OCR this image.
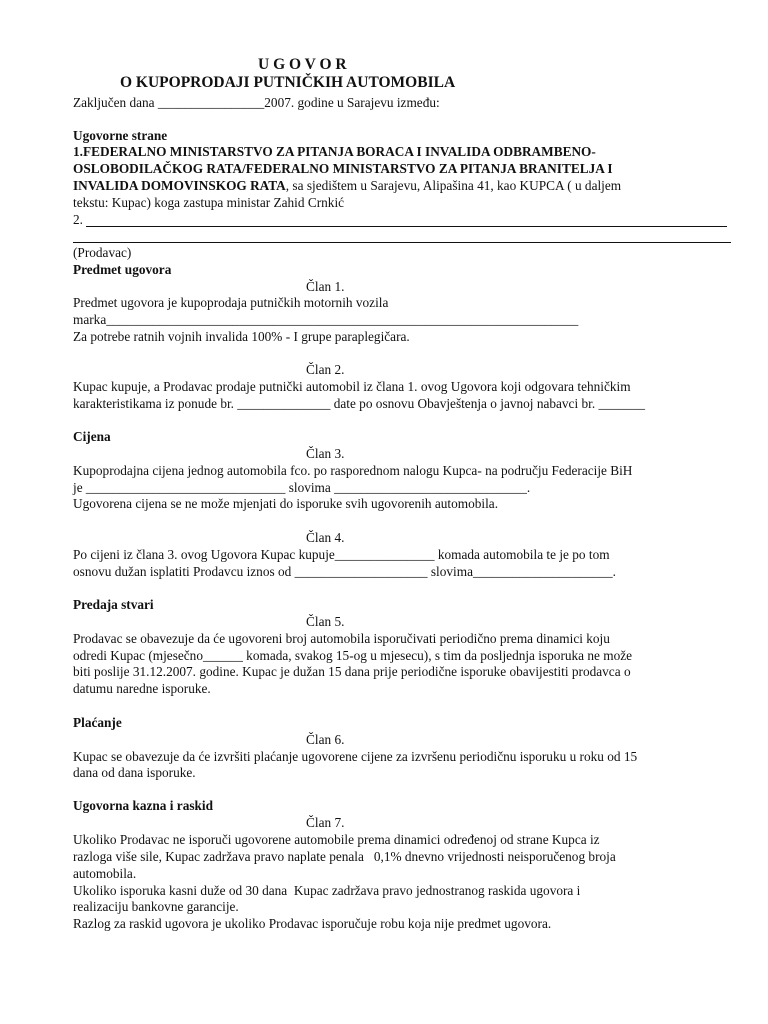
U G O V O R
O KUPOPRODAJI PUTNIČKIH AUTOMOBILA
Zaključen dana ________________2007. godine u Sarajevu između:
Ugovorne strane
1.FEDERALNO MINISTARSTVO ZA PITANJA BORACA I INVALIDA ODBRAMBENO-
OSLOBODILAČKOG RATA/FEDERALNO MINISTARSTVO ZA PITANJA BRANITELJA I
INVALIDA DOMOVINSKOG RATA, sa sjedištem u Sarajevu, Alipašina 41, kao KUPCA ( u daljem
tekstu: Kupac) koga zastupa ministar Zahid Crnkić
2.
(Prodavac)
Predmet ugovora
Član 1.
Predmet ugovora je kupoprodaja putničkih motornih vozila
marka_______________________________________________________________________
Za potrebe ratnih vojnih invalida 100% - I grupe paraplegičara.
Član 2.
Kupac kupuje, a Prodavac prodaje putnički automobil iz člana 1. ovog Ugovora koji odgovara tehničkim
karakteristikama iz ponude br. ______________ date po osnovu Obavještenja o javnoj nabavci br. _______
Cijena
Član 3.
Kupoprodajna cijena jednog automobila fco. po rasporednom nalogu Kupca- na području Federacije BiH
je ______________________________ slovima _____________________________.
Ugovorena cijena se ne može mjenjati do isporuke svih ugovorenih automobila.
Član 4.
Po cijeni iz člana 3. ovog Ugovora Kupac kupuje_______________ komada automobila te je po tom
osnovu dužan isplatiti Prodavcu iznos od ____________________ slovima_____________________.
Predaja stvari
Član 5.
Prodavac se obavezuje da će ugovoreni broj automobila isporučivati periodično prema dinamici koju
odredi Kupac (mjesečno______ komada, svakog 15-og u mjesecu), s tim da posljednja isporuka ne može
biti poslije 31.12.2007. godine. Kupac je dužan 15 dana prije periodične isporuke obavijestiti prodavca o
datumu naredne isporuke.
Plaćanje
Član 6.
Kupac se obavezuje da će izvršiti plaćanje ugovorene cijene za izvršenu periodičnu isporuku u roku od 15
dana od dana isporuke.
Ugovorna kazna i raskid
Član 7.
Ukoliko Prodavac ne isporuči ugovorene automobile prema dinamici određenoj od strane Kupca iz
razloga više sile, Kupac zadržava pravo naplate penala   0,1% dnevno vrijednosti neisporučenog broja
automobila.
Ukoliko isporuka kasni duže od 30 dana  Kupac zadržava pravo jednostranog raskida ugovora i
realizaciju bankovne garancije.
Razlog za raskid ugovora je ukoliko Prodavac isporučuje robu koja nije predmet ugovora.
